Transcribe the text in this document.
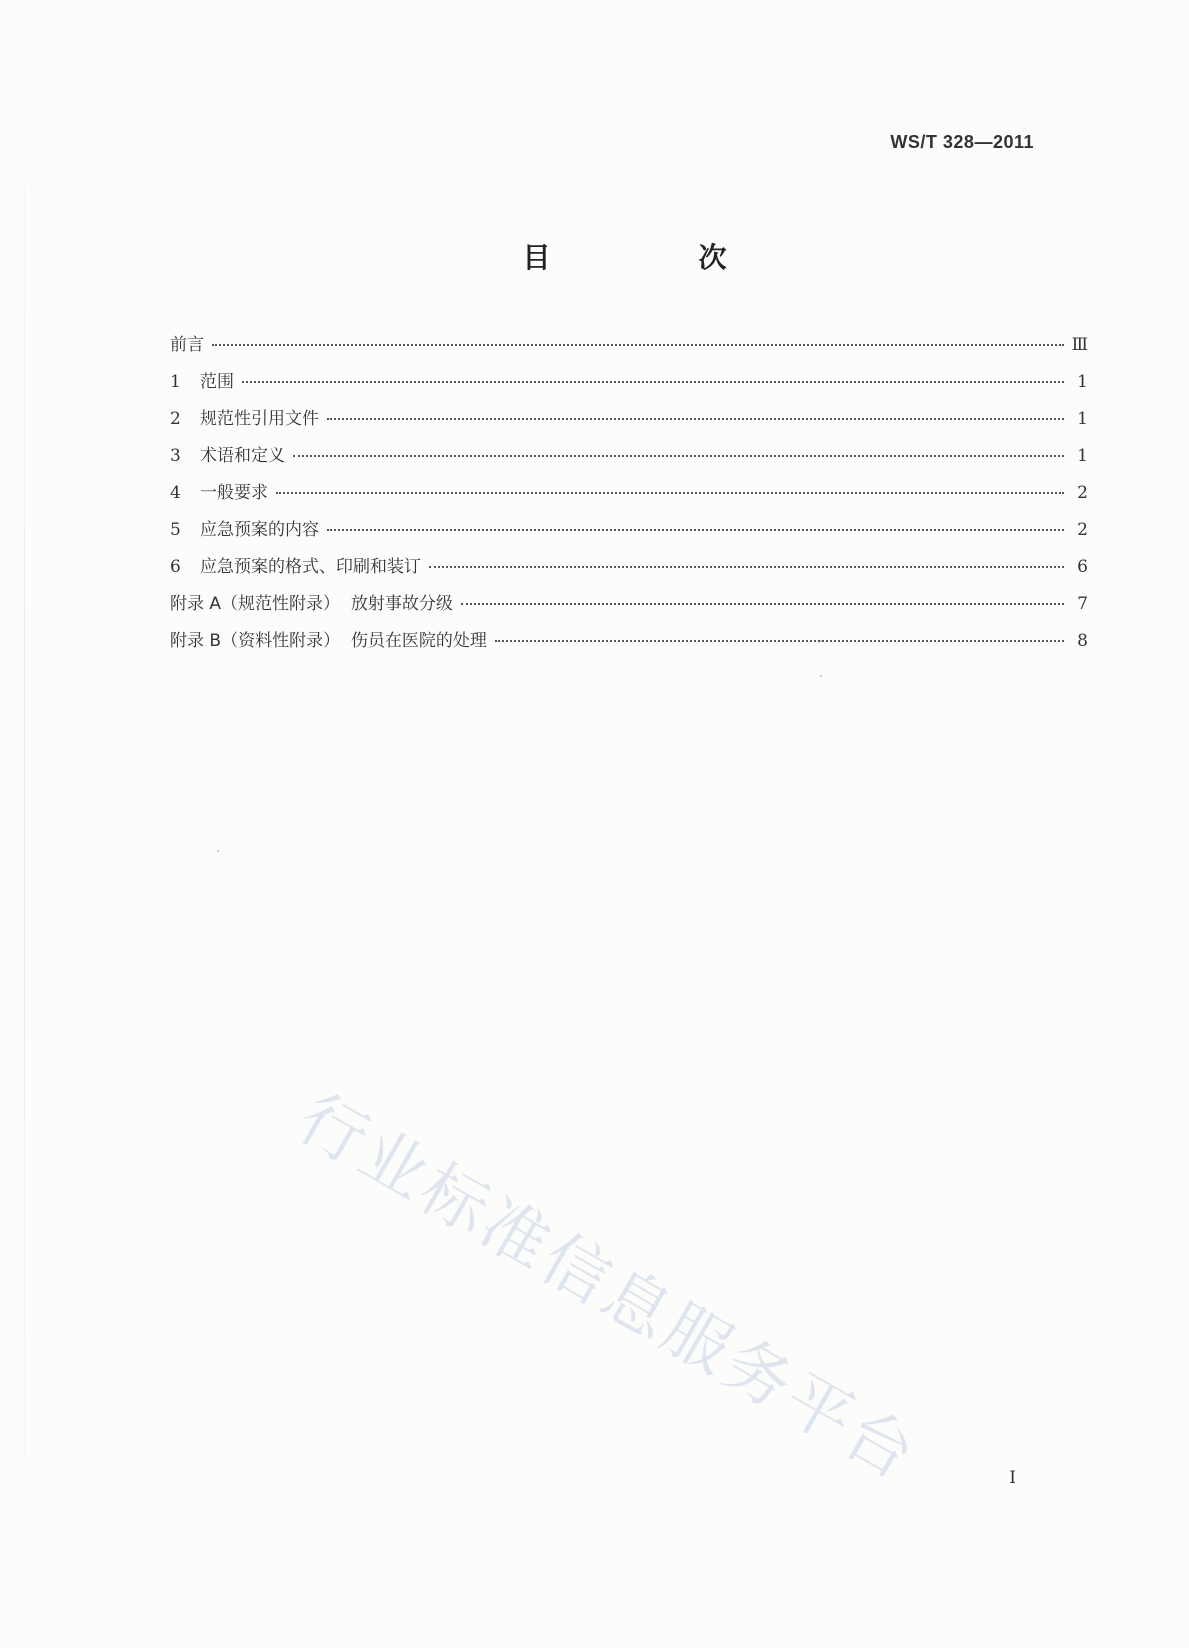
WS/T 328—2011
目　次
前言	Ⅲ
1	范围	1
2	规范性引用文件	1
3	术语和定义	1
4	一般要求	2
5	应急预案的内容	2
6	应急预案的格式、印刷和装订	6
附录 A（规范性附录）  放射事故分级	7
附录 B（资料性附录）  伤员在医院的处理	8
行业标准信息服务平台	I
